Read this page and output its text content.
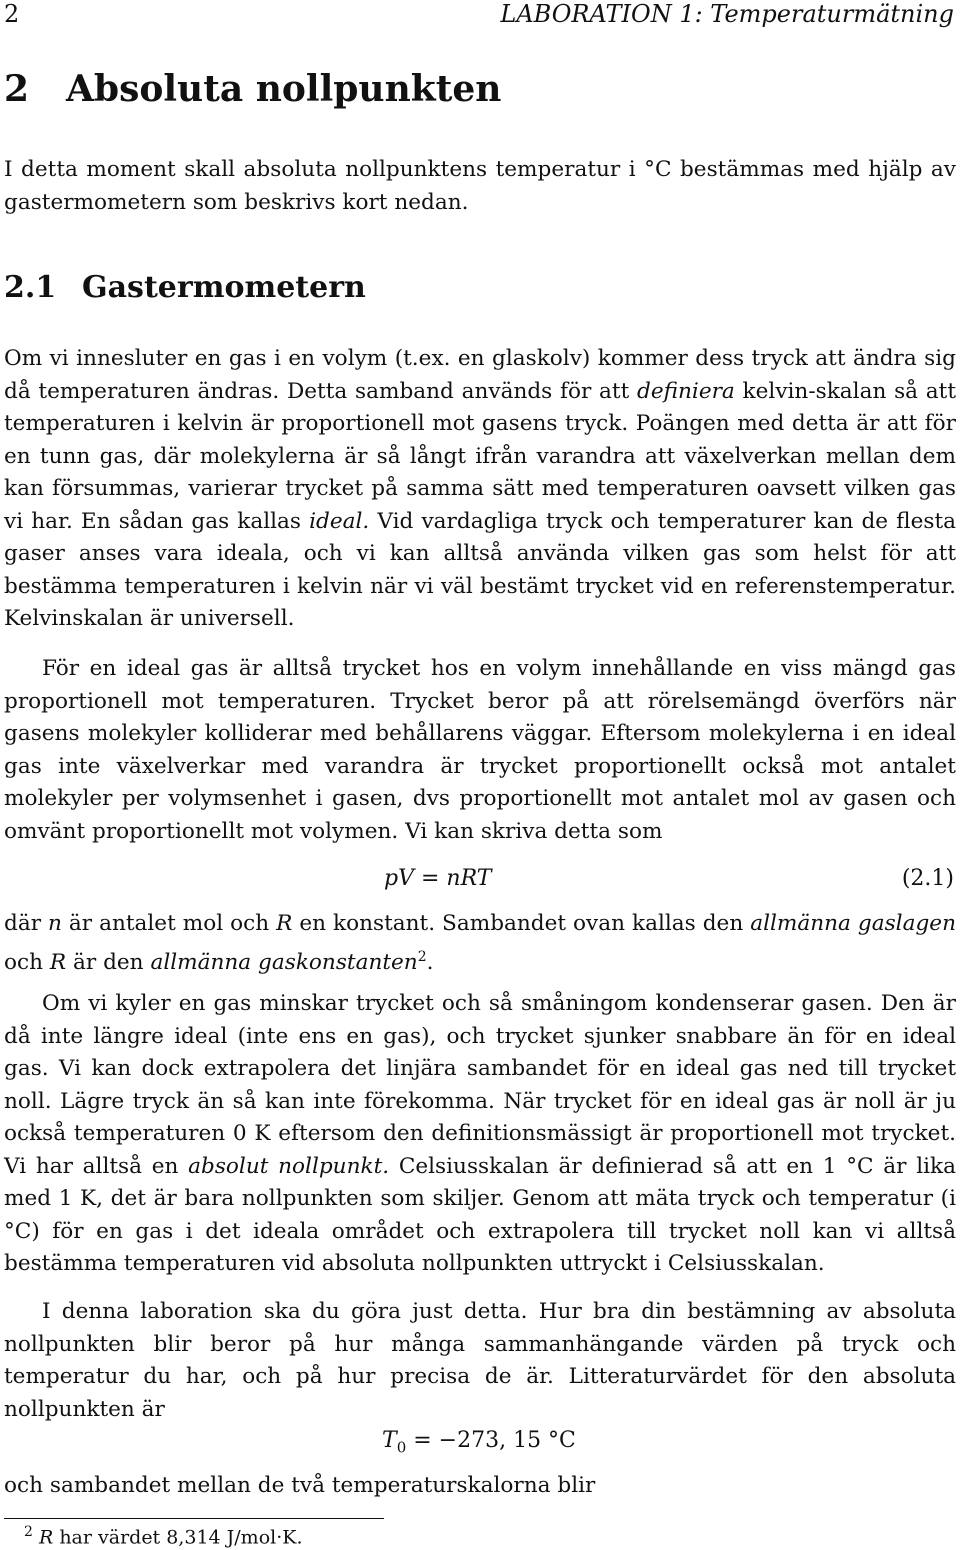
2	LABORATION 1: Temperaturmätning
2 Absoluta nollpunkten

I detta moment skall absoluta nollpunktens temperatur i °C bestämmas med hjälp av gastermometern som beskrivs kort nedan.

2.1 Gastermometern

Om vi innesluter en gas i en volym (t.ex. en glaskolv) kommer dess tryck att ändra sig då temperaturen ändras. Detta samband används för att definiera kelvin-skalan så att temperaturen i kelvin är proportionell mot gasens tryck. Poängen med detta är att för en tunn gas, där molekylerna är så långt ifrån varandra att växelverkan mellan dem kan försummas, varierar trycket på samma sätt med temperaturen oavsett vilken gas vi har. En sådan gas kallas ideal. Vid vardagliga tryck och temperaturer kan de flesta gaser anses vara ideala, och vi kan alltså använda vilken gas som helst för att bestämma temperaturen i kelvin när vi väl bestämt trycket vid en referenstemperatur. Kelvinskalan är universell.

För en ideal gas är alltså trycket hos en volym innehållande en viss mängd gas proportionell mot temperaturen. Trycket beror på att rörelsemängd överförs när gasens molekyler kolliderar med behållarens väggar. Eftersom molekylerna i en ideal gas inte växelverkar med varandra är trycket proportionellt också mot antalet molekyler per volymsenhet i gasen, dvs proportionellt mot antalet mol av gasen och omvänt proportionellt mot volymen. Vi kan skriva detta som

pV = nRT	(2.1)

där n är antalet mol och R en konstant. Sambandet ovan kallas den allmänna gaslagen och R är den allmänna gaskonstanten$^2$.

Om vi kyler en gas minskar trycket och så småningom kondenserar gasen. Den är då inte längre ideal (inte ens en gas), och trycket sjunker snabbare än för en ideal gas. Vi kan dock extrapolera det linjära sambandet för en ideal gas ned till trycket noll. Lägre tryck än så kan inte förekomma. När trycket för en ideal gas är noll är ju också temperaturen 0 K eftersom den definitionsmässigt är proportionell mot trycket. Vi har alltså en absolut nollpunkt. Celsiusskalan är definierad så att en 1 °C är lika med 1 K, det är bara nollpunkten som skiljer. Genom att mäta tryck och temperatur (i °C) för en gas i det ideala området och extrapolera till trycket noll kan vi alltså bestämma temperaturen vid absoluta nollpunkten uttryckt i Celsiusskalan.

I denna laboration ska du göra just detta. Hur bra din bestämning av absoluta nollpunkten blir beror på hur många sammanhängande värden på tryck och temperatur du har, och på hur precisa de är. Litteraturvärdet för den absoluta nollpunkten är

$T_0 = -273$, 15 °C

och sambandet mellan de två temperaturskalorna blir

$^2$ R har värdet 8,314 J/mol·K.
